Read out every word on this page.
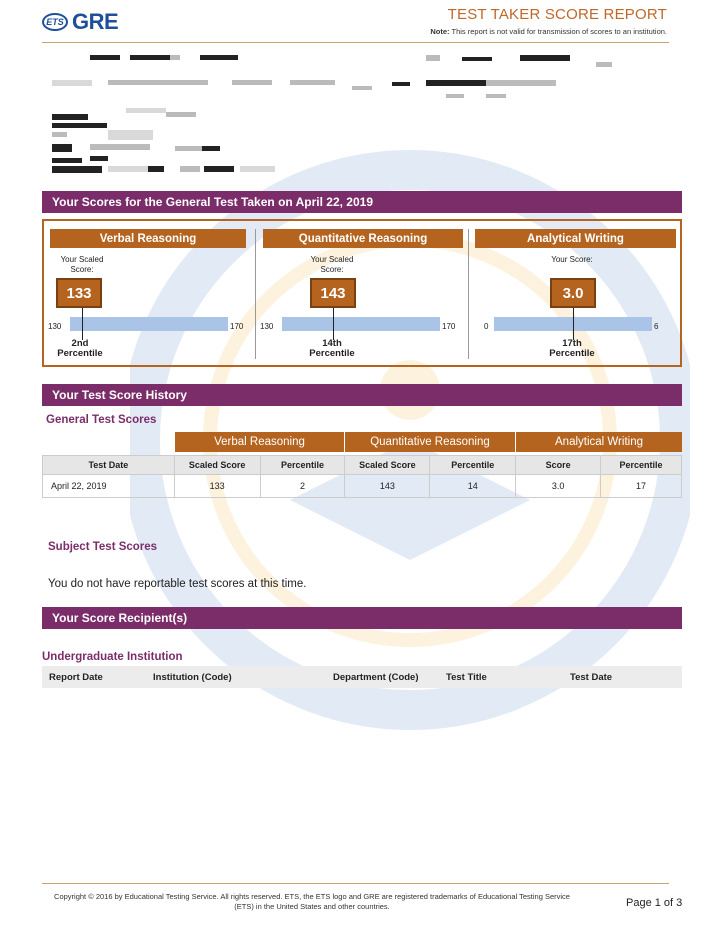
ETS GRE	TEST TAKER SCORE REPORT
Note: This report is not valid for transmission of scores to an institution.
Your Scores for the General Test Taken on April 22, 2019
Verbal Reasoning
Your Scaled Score:
133
130	170
2nd
Percentile
Quantitative Reasoning
Your Scaled Score:
143
130	170
14th
Percentile
Analytical Writing
Your Score:
3.0
0	6
17th
Percentile
Your Test Score History
General Test Scores
Verbal Reasoning	Quantitative Reasoning	Analytical Writing
Test Date	Scaled Score	Percentile	Scaled Score	Percentile	Score	Percentile
April 22, 2019	133	2	143	14	3.0	17
Subject Test Scores
You do not have reportable test scores at this time.
Your Score Recipient(s)
Undergraduate Institution
Report Date	Institution (Code)	Department (Code)	Test Title	Test Date
Copyright © 2016 by Educational Testing Service. All rights reserved. ETS, the ETS logo and GRE are registered trademarks of Educational Testing Service (ETS) in the United States and other countries.	Page 1 of 3
